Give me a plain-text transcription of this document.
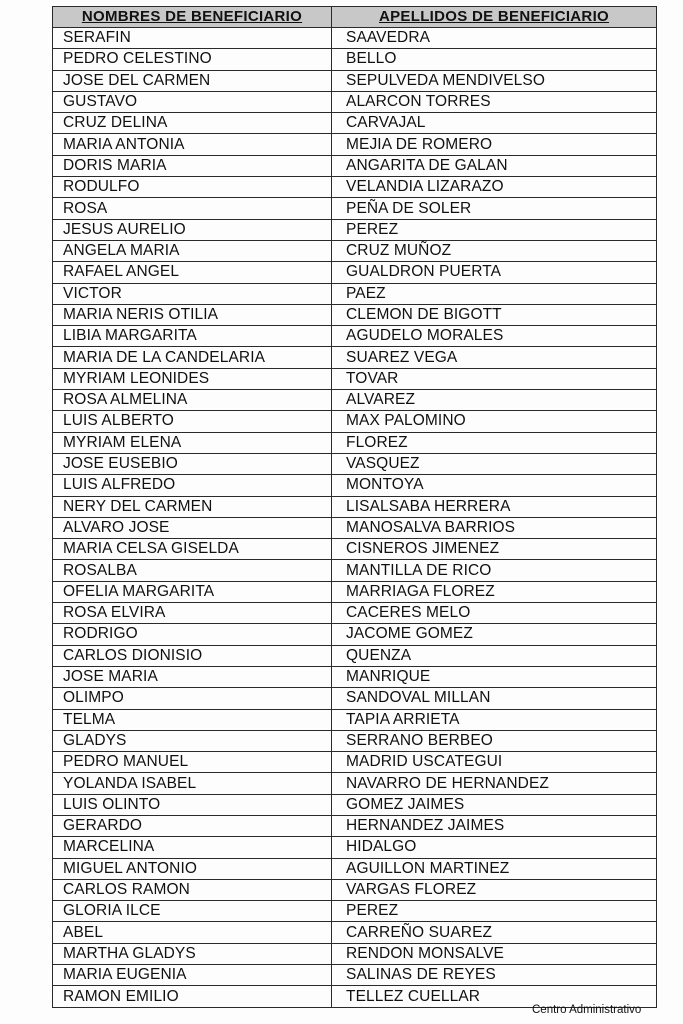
NOMBRES DE BENEFICIARIO	APELLIDOS DE BENEFICIARIO
SERAFIN	SAAVEDRA
PEDRO CELESTINO	BELLO
JOSE DEL CARMEN	SEPULVEDA MENDIVELSO
GUSTAVO	ALARCON TORRES
CRUZ DELINA	CARVAJAL
MARIA ANTONIA	MEJIA DE ROMERO
DORIS MARIA	ANGARITA DE GALAN
RODULFO	VELANDIA LIZARAZO
ROSA	PEÑA DE SOLER
JESUS AURELIO	PEREZ
ANGELA MARIA	CRUZ MUÑOZ
RAFAEL ANGEL	GUALDRON PUERTA
VICTOR	PAEZ
MARIA NERIS OTILIA	CLEMON DE BIGOTT
LIBIA MARGARITA	AGUDELO MORALES
MARIA DE LA CANDELARIA	SUAREZ VEGA
MYRIAM LEONIDES	TOVAR
ROSA ALMELINA	ALVAREZ
LUIS ALBERTO	MAX PALOMINO
MYRIAM ELENA	FLOREZ
JOSE EUSEBIO	VASQUEZ
LUIS ALFREDO	MONTOYA
NERY DEL CARMEN	LISALSABA HERRERA
ALVARO JOSE	MANOSALVA BARRIOS
MARIA CELSA GISELDA	CISNEROS JIMENEZ
ROSALBA	MANTILLA DE RICO
OFELIA MARGARITA	MARRIAGA FLOREZ
ROSA ELVIRA	CACERES MELO
RODRIGO	JACOME GOMEZ
CARLOS DIONISIO	QUENZA
JOSE MARIA	MANRIQUE
OLIMPO	SANDOVAL MILLAN
TELMA	TAPIA ARRIETA
GLADYS	SERRANO BERBEO
PEDRO MANUEL	MADRID USCATEGUI
YOLANDA ISABEL	NAVARRO DE HERNANDEZ
LUIS OLINTO	GOMEZ JAIMES
GERARDO	HERNANDEZ JAIMES
MARCELINA	HIDALGO
MIGUEL ANTONIO	AGUILLON MARTINEZ
CARLOS RAMON	VARGAS FLOREZ
GLORIA ILCE	PEREZ
ABEL	CARREÑO SUAREZ
MARTHA GLADYS	RENDON MONSALVE
MARIA EUGENIA	SALINAS DE REYES
RAMON EMILIO	TELLEZ CUELLAR
Centro Administrativo
